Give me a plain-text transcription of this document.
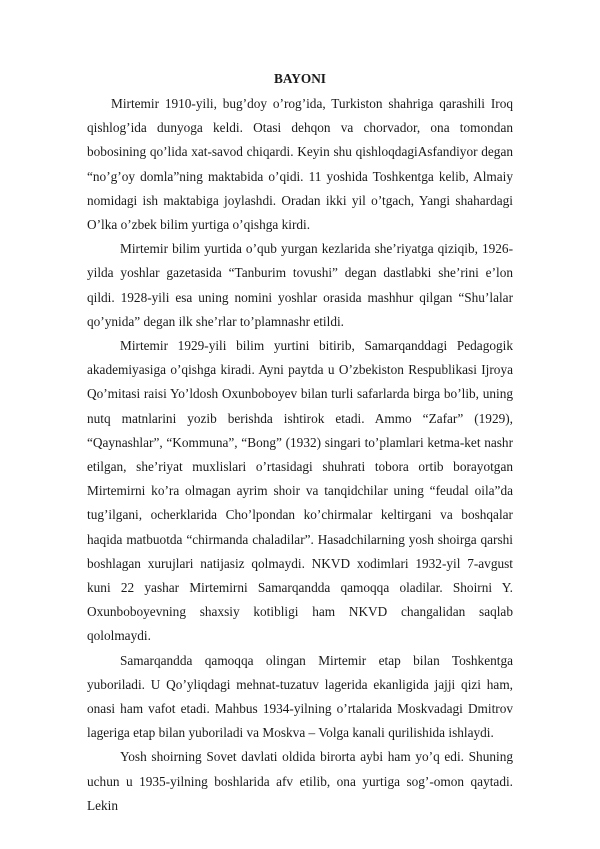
BAYONI

Mirtemir 1910-yili, bug’doy o’rog’ida, Turkiston shahriga qarashili Iroq qishlog’ida dunyoga keldi. Otasi dehqon va chorvador, ona tomondan bobosining qo’lida xat-savod chiqardi. Keyin shu qishloqdagiAsfandiyor degan “no’g’oy domla”ning maktabida o’qidi. 11 yoshida Toshkentga kelib, Almaiy nomidagi ish maktabiga joylashdi. Oradan ikki yil o’tgach, Yangi shahardagi O’lka o’zbek bilim yurtiga o’qishga kirdi.

Mirtemir bilim yurtida o’qub yurgan kezlarida she’riyatga qiziqib, 1926-yilda yoshlar gazetasida “Tanburim tovushi” degan dastlabki she’rini e’lon qildi. 1928-yili esa uning nomini yoshlar orasida mashhur qilgan “Shu’lalar qo’ynida” degan ilk she’rlar to’plamnashr etildi.

Mirtemir 1929-yili bilim yurtini bitirib, Samarqanddagi Pedagogik akademiyasiga o’qishga kiradi. Ayni paytda u O’zbekiston Respublikasi Ijroya Qo’mitasi raisi Yo’ldosh Oxunboboyev bilan turli safarlarda birga bo’lib, uning nutq matnlarini yozib berishda ishtirok etadi. Ammo “Zafar” (1929), “Qaynashlar”, “Kommuna”, “Bong” (1932) singari to’plamlari ketma-ket nashr etilgan, she’riyat muxlislari o’rtasidagi shuhrati tobora ortib borayotgan Mirtemirni ko’ra olmagan ayrim shoir va tanqidchilar uning “feudal oila”da tug’ilgani, ocherklarida Cho’lpondan ko’chirmalar keltirgani va boshqalar haqida matbuotda “chirmanda chaladilar”. Hasadchilarning yosh shoirga qarshi boshlagan xurujlari natijasiz qolmaydi. NKVD xodimlari 1932-yil 7-avgust kuni 22 yashar Mirtemirni Samarqandda qamoqqa oladilar. Shoirni Y. Oxunboboyevning shaxsiy kotibligi ham NKVD changalidan saqlab qololmaydi.

Samarqandda qamoqqa olingan Mirtemir etap bilan Toshkentga yuboriladi. U Qo’yliqdagi mehnat-tuzatuv lagerida ekanligida jajji qizi ham, onasi ham vafot etadi. Mahbus 1934-yilning o’rtalarida Moskvadagi Dmitrov lageriga etap bilan yuboriladi va Moskva – Volga kanali qurilishida ishlaydi.

Yosh shoirning Sovet davlati oldida birorta aybi ham yo’q edi. Shuning uchun u 1935-yilning boshlarida afv etilib, ona yurtiga sog’-omon qaytadi. Lekin
